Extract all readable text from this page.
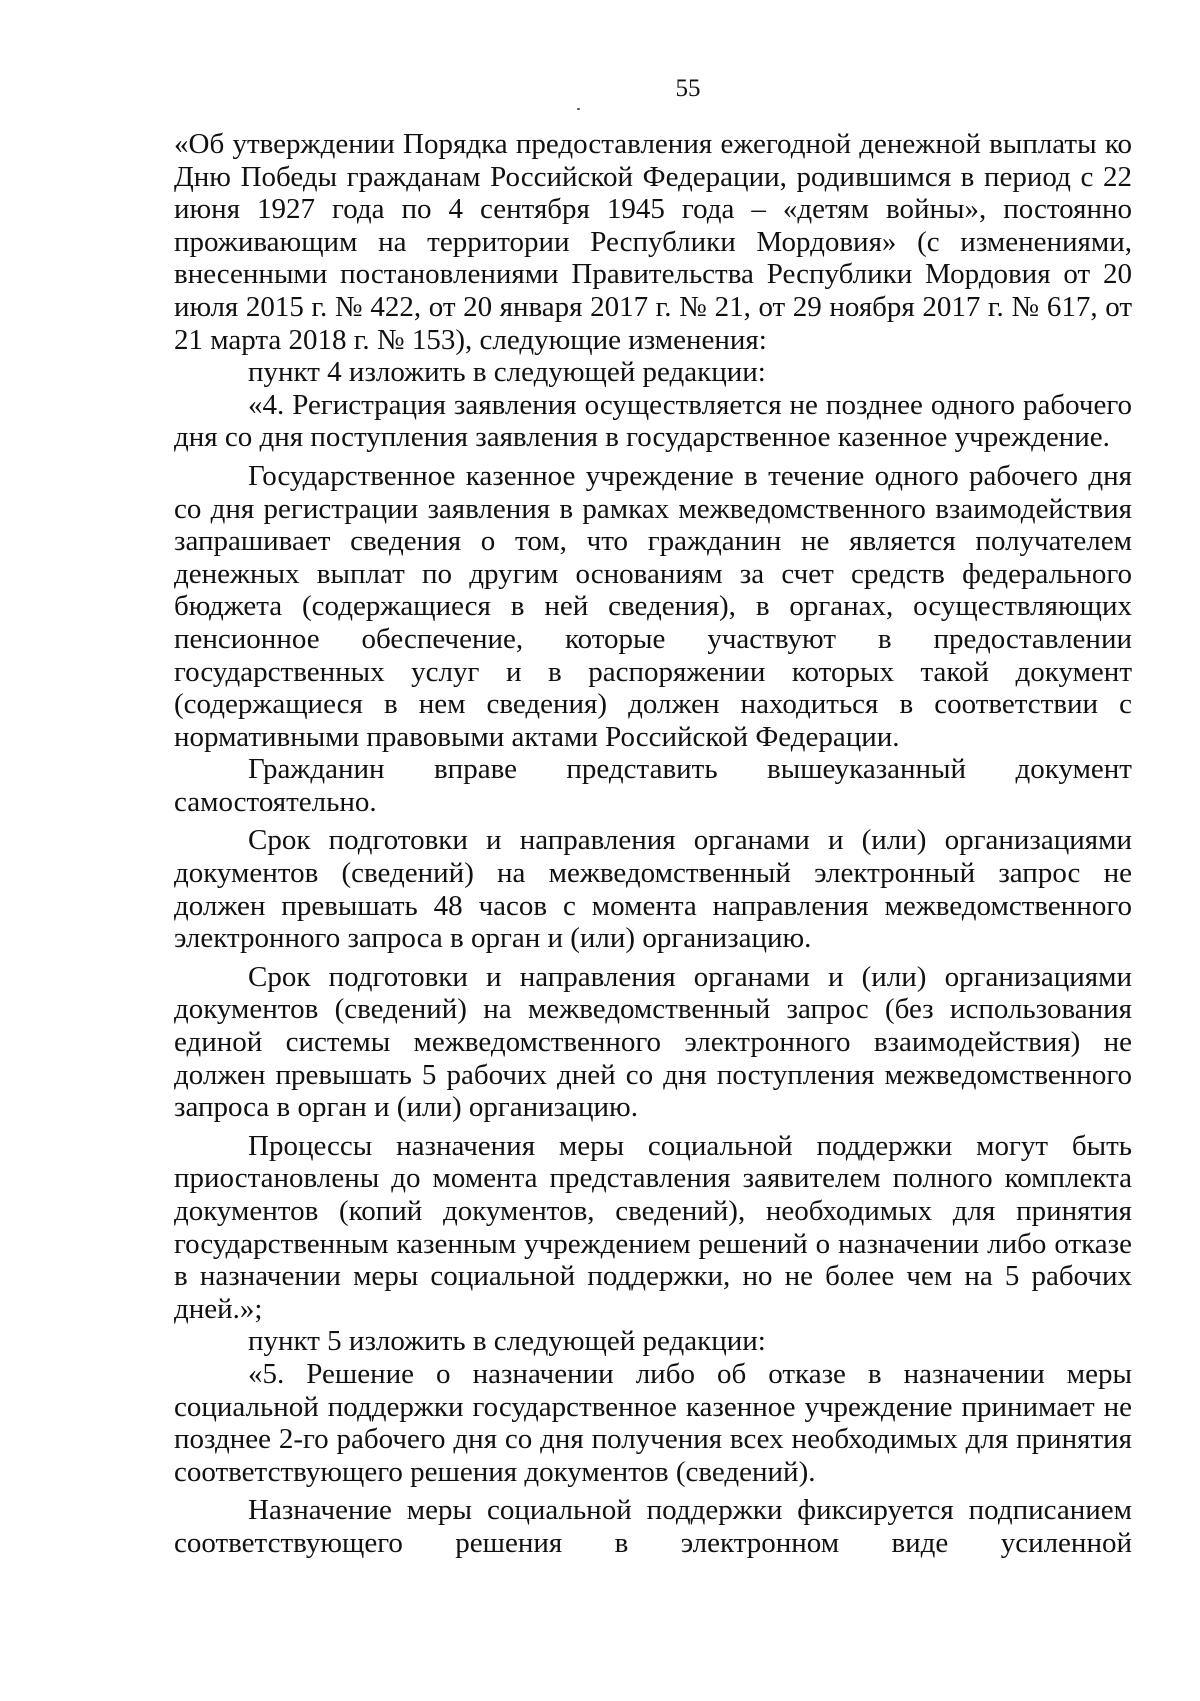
55

«Об утверждении Порядка предоставления ежегодной денежной выплаты ко Дню Победы гражданам Российской Федерации, родившимся в период с 22 июня 1927 года по 4 сентября 1945 года – «детям войны», постоянно проживающим на территории Республики Мордовия» (с изменениями, внесенными постановлениями Правительства Республики Мордовия от 20 июля 2015 г. № 422, от 20 января 2017 г. № 21, от 29 ноября 2017 г. № 617, от 21 марта 2018 г. № 153), следующие изменения:

пункт 4 изложить в следующей редакции:

«4. Регистрация заявления осуществляется не позднее одного рабочего дня со дня поступления заявления в государственное казенное учреждение.

Государственное казенное учреждение в течение одного рабочего дня со дня регистрации заявления в рамках межведомственного взаимодействия запрашивает сведения о том, что гражданин не является получателем денежных выплат по другим основаниям за счет средств федерального бюджета (содержащиеся в ней сведения), в органах, осуществляющих пенсионное обеспечение, которые участвуют в предоставлении государственных услуг и в распоряжении которых такой документ (содержащиеся в нем сведения) должен находиться в соответствии с нормативными правовыми актами Российской Федерации.

Гражданин вправе представить вышеуказанный документ самостоятельно.

Срок подготовки и направления органами и (или) организациями документов (сведений) на межведомственный электронный запрос не должен превышать 48 часов с момента направления межведомственного электронного запроса в орган и (или) организацию.

Срок подготовки и направления органами и (или) организациями документов (сведений) на межведомственный запрос (без использования единой системы межведомственного электронного взаимодействия) не должен превышать 5 рабочих дней со дня поступления межведомственного запроса в орган и (или) организацию.

Процессы назначения меры социальной поддержки могут быть приостановлены до момента представления заявителем полного комплекта документов (копий документов, сведений), необходимых для принятия государственным казенным учреждением решений о назначении либо отказе в назначении меры социальной поддержки, но не более чем на 5 рабочих дней.»;

пункт 5 изложить в следующей редакции:

«5. Решение о назначении либо об отказе в назначении меры социальной поддержки государственное казенное учреждение принимает не позднее 2-го рабочего дня со дня получения всех необходимых для принятия соответствующего решения документов (сведений).

Назначение меры социальной поддержки фиксируется подписанием соответствующего решения в электронном виде усиленной
